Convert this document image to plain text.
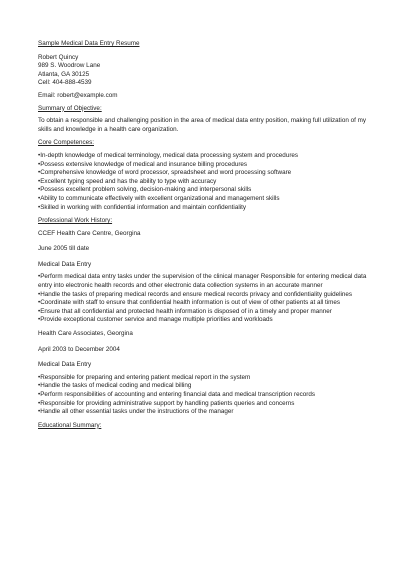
Sample Medical Data Entry Resume

Robert Quincy

989 S. Woodrow Lane

Atlanta, GA 30125

Cell: 404-888-4539

Email: robert@example.com

Summary of Objective:

To obtain a responsible and challenging position in the area of medical data entry position, making full utilization of my skills and knowledge in a health care organization.

Core Competences:

• In-depth knowledge of medical terminology, medical data processing system and procedures
• Possess extensive knowledge of medical and insurance billing procedures
• Comprehensive knowledge of word processor, spreadsheet and word processing software
• Excellent typing speed and has the ability to type with accuracy
• Possess excellent problem solving, decision-making and interpersonal skills
• Ability to communicate effectively with excellent organizational and management skills
• Skilled in working with confidential information and maintain confidentiality

Professional Work History:

CCEF Health Care Centre, Georgina

June 2005 till date

Medical Data Entry

• Perform medical data entry tasks under the supervision of the clinical manager Responsible for entering medical data entry into electronic health records and other electronic data collection systems in an accurate manner
• Handle the tasks of preparing medical records and ensure medical records privacy and confidentiality guidelines
• Coordinate with staff to ensure that confidential health information is out of view of other patients at all times
• Ensure that all confidential and protected health information is disposed of in a timely and proper manner
• Provide exceptional customer service and manage multiple priorities and workloads

Health Care Associates, Georgina

April 2003 to December 2004

Medical Data Entry

• Responsible for preparing and entering patient medical report in the system
• Handle the tasks of medical coding and medical billing
• Perform responsibilities of accounting and entering financial data and medical transcription records
• Responsible for providing administrative support by handling patients queries and concerns
• Handle all other essential tasks under the instructions of the manager

Educational Summary:
